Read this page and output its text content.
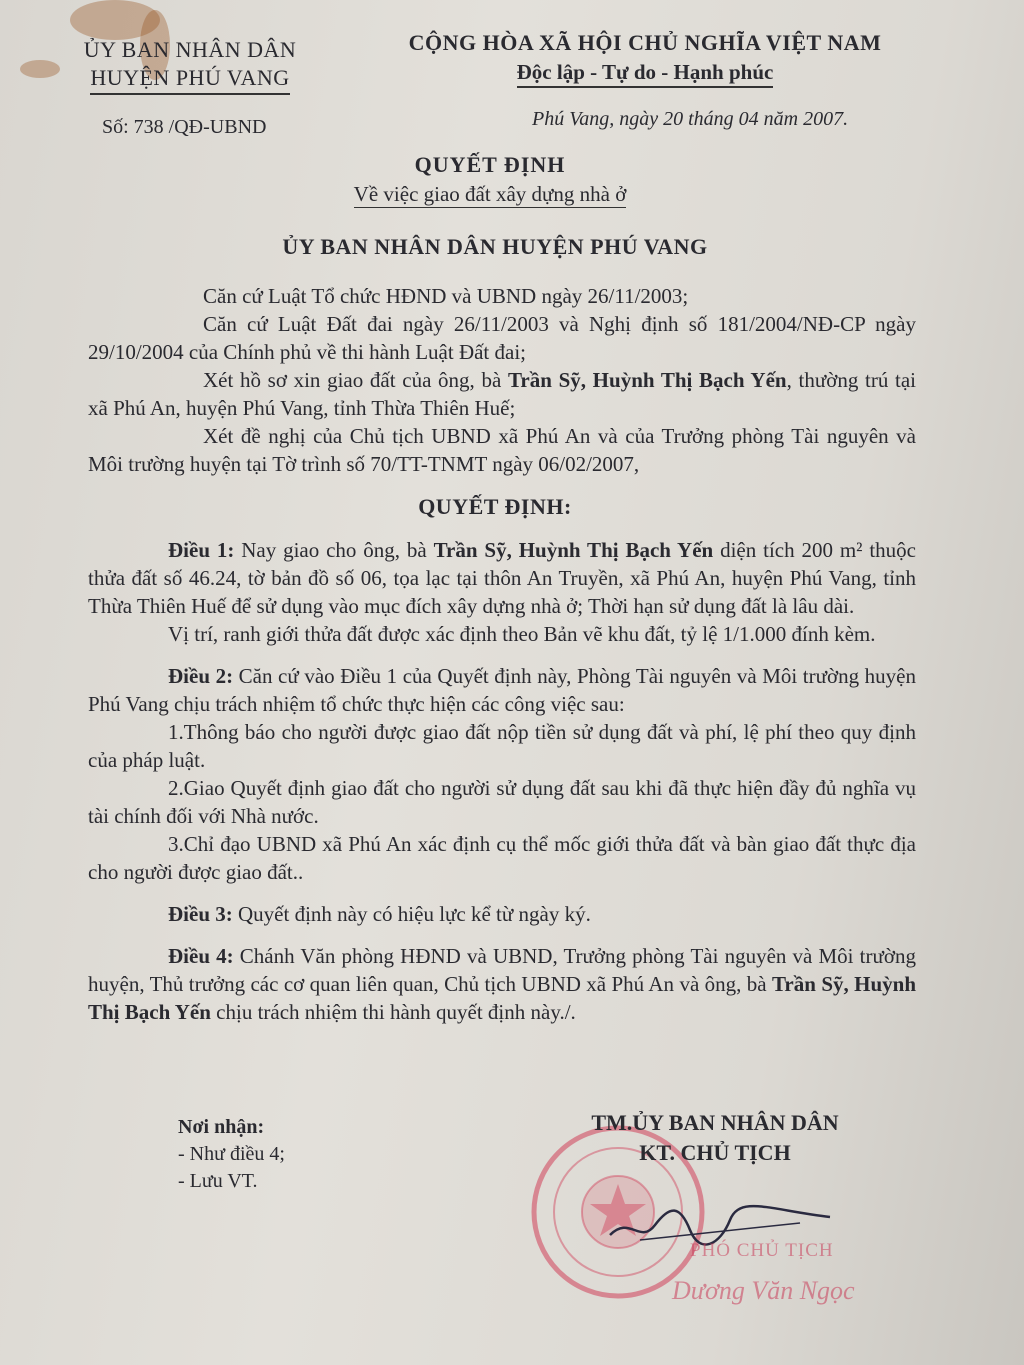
ỦY BAN NHÂN DÂN
HUYỆN PHÚ VANG
CỘNG HÒA XÃ HỘI CHỦ NGHĨA VIỆT NAM
Độc lập - Tự do - Hạnh phúc
Số: 738 /QĐ-UBND	Phú Vang, ngày 20 tháng 04 năm 2007.
QUYẾT ĐỊNH
Về việc giao đất xây dựng nhà ở
ỦY BAN NHÂN DÂN HUYỆN PHÚ VANG

Căn cứ Luật Tổ chức HĐND và UBND ngày 26/11/2003;

Căn cứ Luật Đất đai ngày 26/11/2003 và Nghị định số 181/2004/NĐ-CP ngày 29/10/2004 của Chính phủ về thi hành Luật Đất đai;

Xét hồ sơ xin giao đất của ông, bà Trần Sỹ, Huỳnh Thị Bạch Yến, thường trú tại xã Phú An, huyện Phú Vang, tỉnh Thừa Thiên Huế;

Xét đề nghị của Chủ tịch UBND xã Phú An và của Trưởng phòng Tài nguyên và Môi trường huyện tại Tờ trình số 70/TT-TNMT ngày 06/02/2007,

QUYẾT ĐỊNH:

Điều 1: Nay giao cho ông, bà Trần Sỹ, Huỳnh Thị Bạch Yến diện tích 200 m² thuộc thửa đất số 46.24, tờ bản đồ số 06, tọa lạc tại thôn An Truyền, xã Phú An, huyện Phú Vang, tỉnh Thừa Thiên Huế để sử dụng vào mục đích xây dựng nhà ở; Thời hạn sử dụng đất là lâu dài.

Vị trí, ranh giới thửa đất được xác định theo Bản vẽ khu đất, tỷ lệ 1/1.000 đính kèm.

Điều 2: Căn cứ vào Điều 1 của Quyết định này, Phòng Tài nguyên và Môi trường huyện Phú Vang chịu trách nhiệm tổ chức thực hiện các công việc sau:

1.Thông báo cho người được giao đất nộp tiền sử dụng đất và phí, lệ phí theo quy định của pháp luật.

2.Giao Quyết định giao đất cho người sử dụng đất sau khi đã thực hiện đầy đủ nghĩa vụ tài chính đối với Nhà nước.

3.Chỉ đạo UBND xã Phú An xác định cụ thể mốc giới thửa đất và bàn giao đất thực địa cho người được giao đất..

Điều 3: Quyết định này có hiệu lực kể từ ngày ký.

Điều 4: Chánh Văn phòng HĐND và UBND, Trưởng phòng Tài nguyên và Môi trường huyện, Thủ trưởng các cơ quan liên quan, Chủ tịch UBND xã Phú An và ông, bà Trần Sỹ, Huỳnh Thị Bạch Yến chịu trách nhiệm thi hành quyết định này./.

Nơi nhận:
- Như điều 4;
- Lưu VT.
TM.ỦY BAN NHÂN DÂN
KT. CHỦ TỊCH
PHÓ CHỦ TỊCH
Dương Văn Ngọc
